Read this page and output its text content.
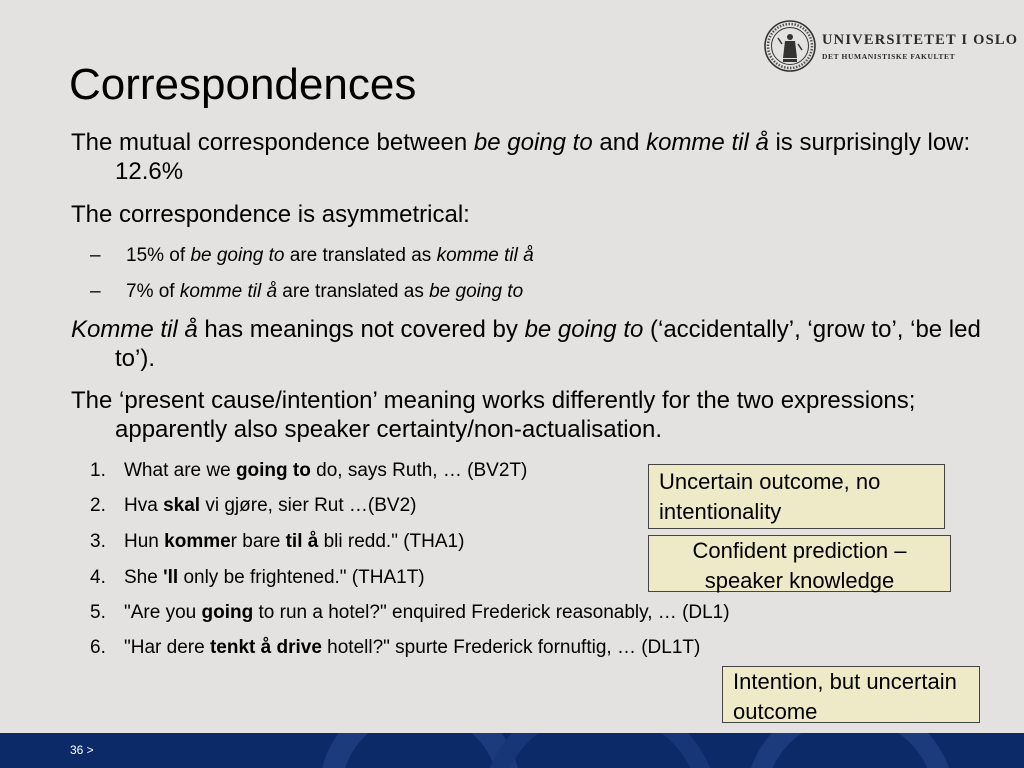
UNIVERSITETET I OSLO
DET HUMANISTISKE FAKULTET
Correspondences

The mutual correspondence between be going to and komme til å is surprisingly low: 12.6%

The correspondence is asymmetrical:

– 15% of be going to are translated as komme til å

– 7% of komme til å are translated as be going to

Komme til å has meanings not covered by be going to (‘accidentally’, ‘grow to’, ‘be led to’).

The ‘present cause/intention’ meaning works differently for the two expressions; apparently also speaker certainty/non-actualisation.

1. What are we going to do, says Ruth, … (BV2T)

2. Hva skal vi gjøre, sier Rut …(BV2)

3. Hun kommer bare til å bli redd." (THA1)

4. She 'll only be frightened." (THA1T)

5. "Are you going to run a hotel?" enquired Frederick reasonably, … (DL1)

6. "Har dere tenkt å drive hotell?" spurte Frederick fornuftig, … (DL1T)

Uncertain outcome, no intentionality
Confident prediction – speaker knowledge
Intention, but uncertain outcome
36 >
